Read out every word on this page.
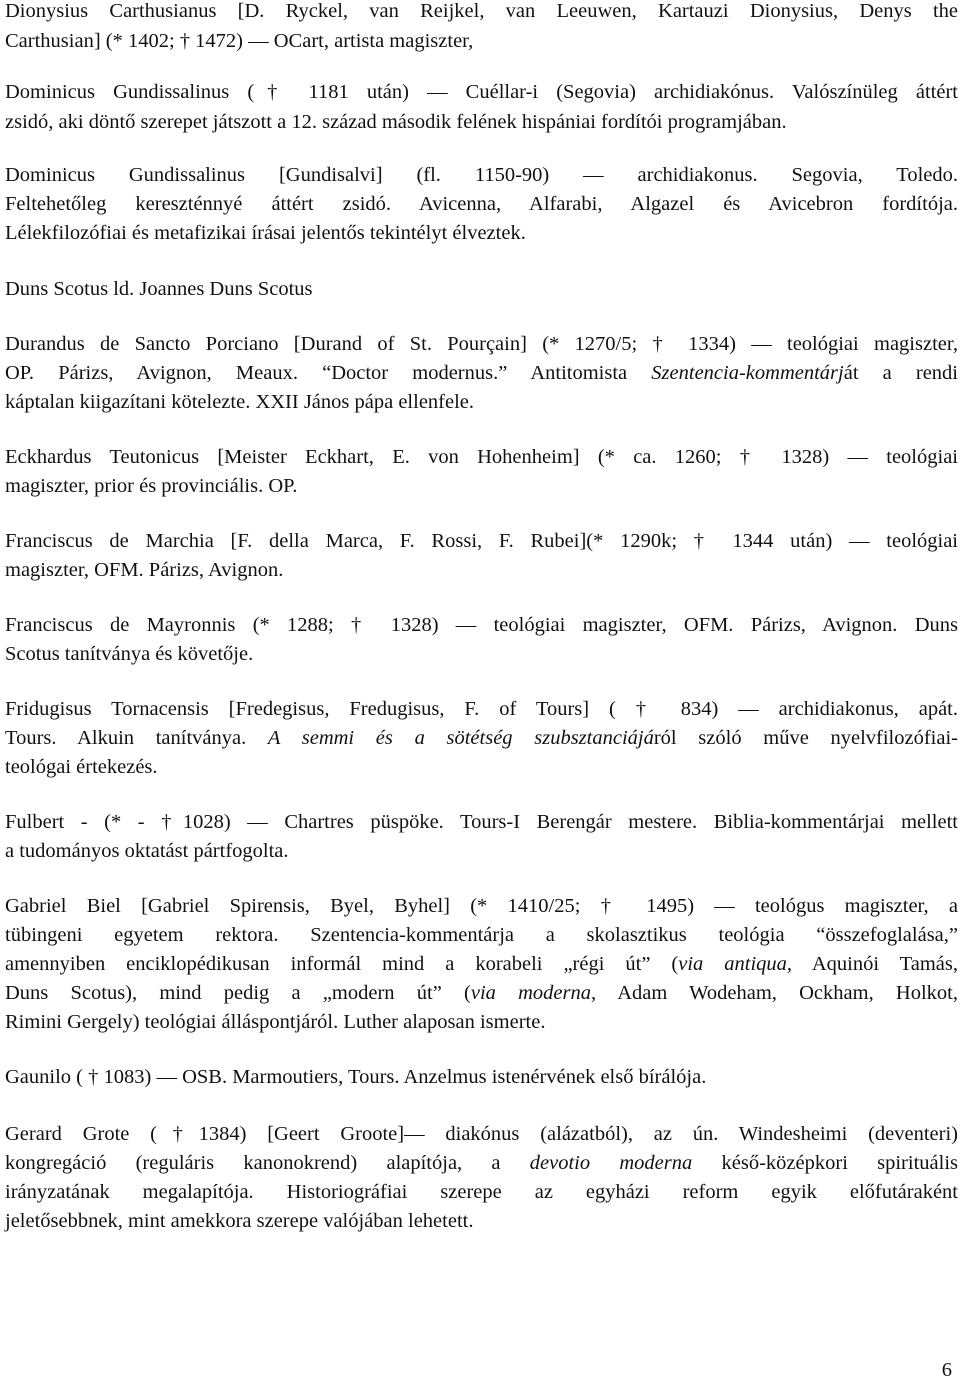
Dionysius Carthusianus [D. Ryckel, van Reijkel, van Leeuwen, Kartauzi Dionysius, Denys the
Carthusian] (* 1402; † 1472) — OCart, artista magiszter,
Dominicus Gundissalinus († 1181 után) — Cuéllar-i (Segovia) archidiakónus. Valószínüleg áttért
zsidó, aki döntő szerepet játszott a 12. század második felének hispániai fordítói programjában.
Dominicus Gundissalinus [Gundisalvi] (fl. 1150-90) — archidiakonus. Segovia, Toledo.
Feltehetőleg kereszténnyé áttért zsidó. Avicenna, Alfarabi, Algazel és Avicebron fordítója.
Lélekfilozófiai és metafizikai írásai jelentős tekintélyt élveztek.
Duns Scotus ld. Joannes Duns Scotus
Durandus de Sancto Porciano [Durand of St. Pourçain] (* 1270/5; † 1334) — teológiai magiszter,
OP. Párizs, Avignon, Meaux. “Doctor modernus.” Antitomista Szentencia-kommentárját a rendi
káptalan kiigazítani kötelezte. XXII János pápa ellenfele.
Eckhardus Teutonicus [Meister Eckhart, E. von Hohenheim] (* ca. 1260; † 1328) — teológiai
magiszter, prior és provinciális. OP.
Franciscus de Marchia [F. della Marca, F. Rossi, F. Rubei](* 1290k; † 1344 után) — teológiai
magiszter, OFM. Párizs, Avignon.
Franciscus de Mayronnis (* 1288; † 1328) — teológiai magiszter, OFM. Párizs, Avignon. Duns
Scotus tanítványa és követője.
Fridugisus Tornacensis [Fredegisus, Fredugisus, F. of Tours] ( † 834) — archidiakonus, apát.
Tours. Alkuin tanítványa. A semmi és a sötétség szubsztanciájáról szóló műve nyelvfilozófiai-
teológai értekezés.
Fulbert - (* - †1028) — Chartres püspöke. Tours-I Berengár mestere. Biblia-kommentárjai mellett
a tudományos oktatást pártfogolta.
Gabriel Biel [Gabriel Spirensis, Byel, Byhel] (* 1410/25; † 1495) — teológus magiszter, a
tübingeni egyetem rektora. Szentencia-kommentárja a skolasztikus teológia “összefoglalása,”
amennyiben enciklopédikusan informál mind a korabeli „régi út” (via antiqua, Aquinói Tamás,
Duns Scotus), mind pedig a „modern út” (via moderna, Adam Wodeham, Ockham, Holkot,
Rimini Gergely) teológiai álláspontjáról. Luther alaposan ismerte.
Gaunilo ( † 1083) — OSB. Marmoutiers, Tours. Anzelmus istenérvének első bírálója.
Gerard Grote (†1384) [Geert Groote]— diakónus (alázatból), az ún. Windesheimi (deventeri)
kongregáció (reguláris kanonokrend) alapítója, a devotio moderna késő-középkori spirituális
irányzatának megalapítója. Historiográfiai szerepe az egyházi reform egyik előfutáraként
jeletősebbnek, mint amekkora szerepe valójában lehetett.
6
